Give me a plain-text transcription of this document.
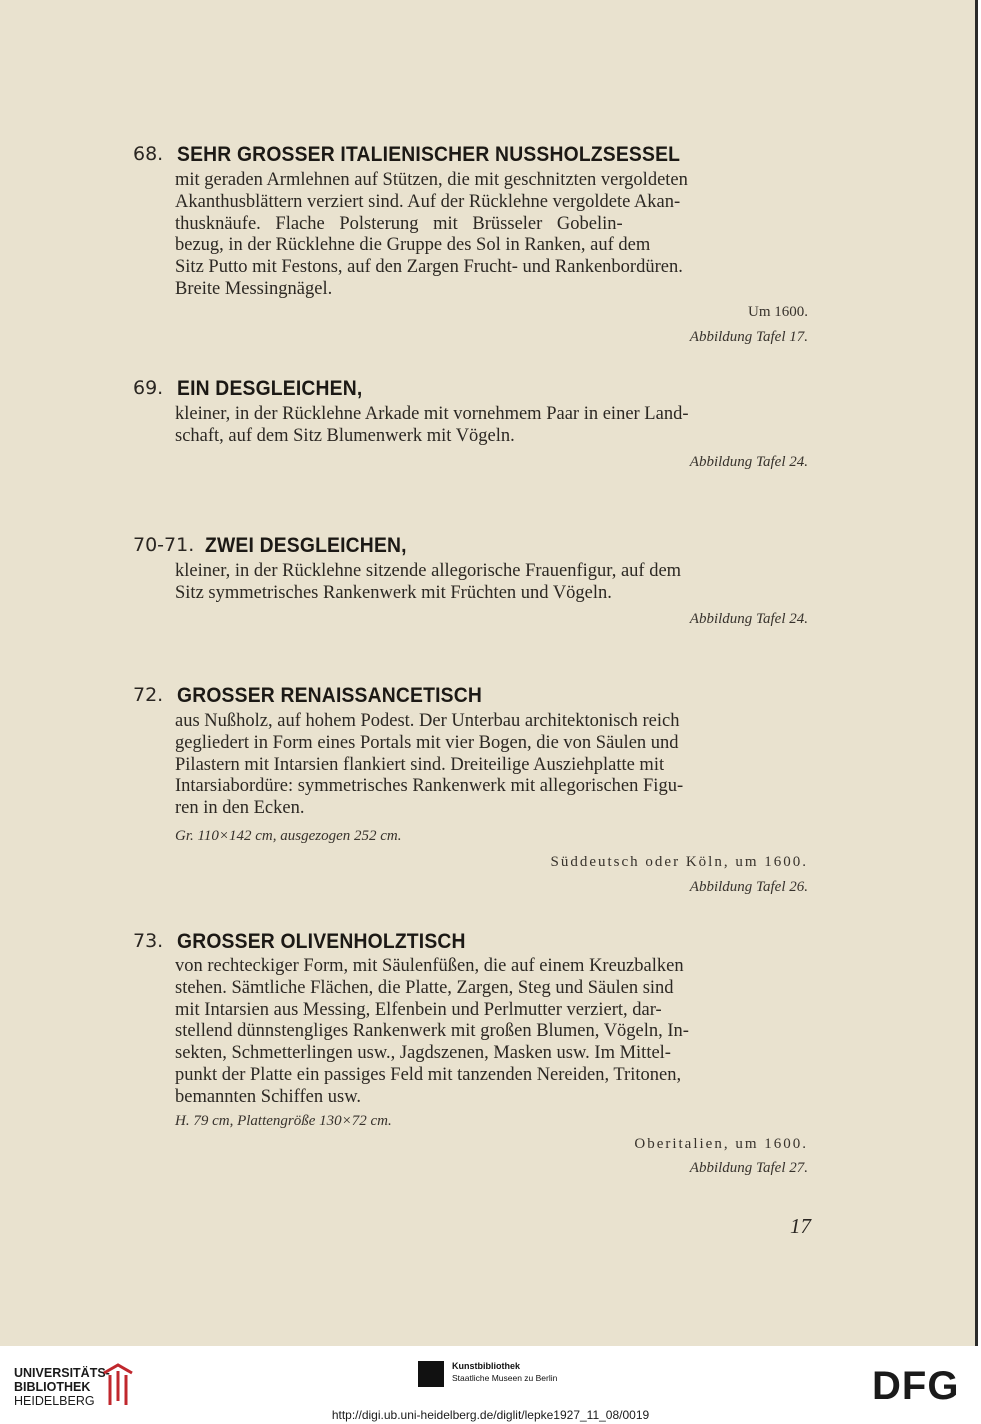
68. SEHR GROSSER ITALIENISCHER NUSSHOLZSESSEL
mit geraden Armlehnen auf Stützen, die mit geschnitzten vergoldeten
Akanthusblättern verziert sind. Auf der Rücklehne vergoldete Akan-
thusknäufe. Flache Polsterung mit Brüsseler Gobelin-
bezug, in der Rücklehne die Gruppe des Sol in Ranken, auf dem
Sitz Putto mit Festons, auf den Zargen Frucht- und Rankenbordüren.
Breite Messingnägel.
Um 1600.
Abbildung Tafel 17.
69. EIN DESGLEICHEN,
kleiner, in der Rücklehne Arkade mit vornehmem Paar in einer Land-
schaft, auf dem Sitz Blumenwerk mit Vögeln.
Abbildung Tafel 24.
70-71. ZWEI DESGLEICHEN,
kleiner, in der Rücklehne sitzende allegorische Frauenfigur, auf dem
Sitz symmetrisches Rankenwerk mit Früchten und Vögeln.
Abbildung Tafel 24.
72. GROSSER RENAISSANCETISCH
aus Nußholz, auf hohem Podest. Der Unterbau architektonisch reich
gegliedert in Form eines Portals mit vier Bogen, die von Säulen und
Pilastern mit Intarsien flankiert sind. Dreiteilige Ausziehplatte mit
Intarsiabordüre: symmetrisches Rankenwerk mit allegorischen Figu-
ren in den Ecken.
Gr. 110×142 cm, ausgezogen 252 cm.
Süddeutsch oder Köln, um 1600.
Abbildung Tafel 26.
73. GROSSER OLIVENHOLZTISCH
von rechteckiger Form, mit Säulenfüßen, die auf einem Kreuzbalken
stehen. Sämtliche Flächen, die Platte, Zargen, Steg und Säulen sind
mit Intarsien aus Messing, Elfenbein und Perlmutter verziert, dar-
stellend dünnstengliges Rankenwerk mit großen Blumen, Vögeln, In-
sekten, Schmetterlingen usw., Jagdszenen, Masken usw. Im Mittel-
punkt der Platte ein passiges Feld mit tanzenden Nereiden, Tritonen,
bemannten Schiffen usw.
H. 79 cm, Plattengröße 130×72 cm.
Oberitalien, um 1600.
Abbildung Tafel 27.
17
UNIVERSITÄTS-
BIBLIOTHEK
HEIDELBERG
Kunstbibliothek
Staatliche Museen zu Berlin	DFG
http://digi.ub.uni-heidelberg.de/diglit/lepke1927_11_08/0019
